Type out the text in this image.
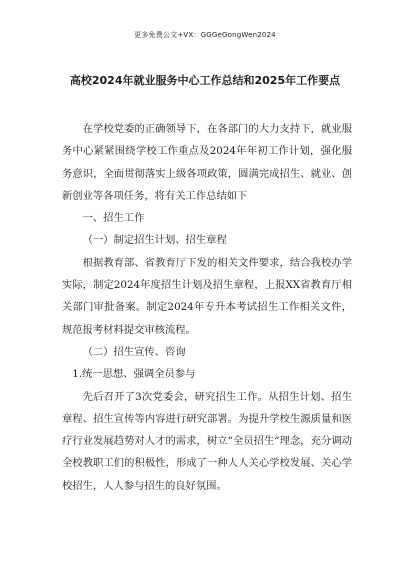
更多免费公文+VX：GGGeGongWen2024
高校2024年就业服务中心工作总结和2025年工作要点

在学校党委的正确领导下，在各部门的大力支持下，就业服务中心紧紧围绕学校工作重点及2024年年初工作计划，强化服务意识，全面贯彻落实上级各项政策，圆满完成招生、就业、创新创业等各项任务，将有关工作总结如下

一、招生工作

（一）制定招生计划、招生章程

根据教育部、省教育厅下发的相关文件要求，结合我校办学实际，制定2024年度招生计划及招生章程，上报XX省教育厅相关部门审批备案。制定2024年专升本考试招生工作相关文件，规范报考材料提交审核流程。

（二）招生宣传、咨询

1.统一思想、强调全员参与

先后召开了3次党委会，研究招生工作。从招生计划、招生章程、招生宣传等内容进行研究部署。为提升学校生源质量和医疗行业发展趋势对人才的需求，树立“全员招生”理念，充分调动全校教职工们的积极性，形成了一种人人关心学校发展、关心学校招生，人人参与招生的良好氛围。
